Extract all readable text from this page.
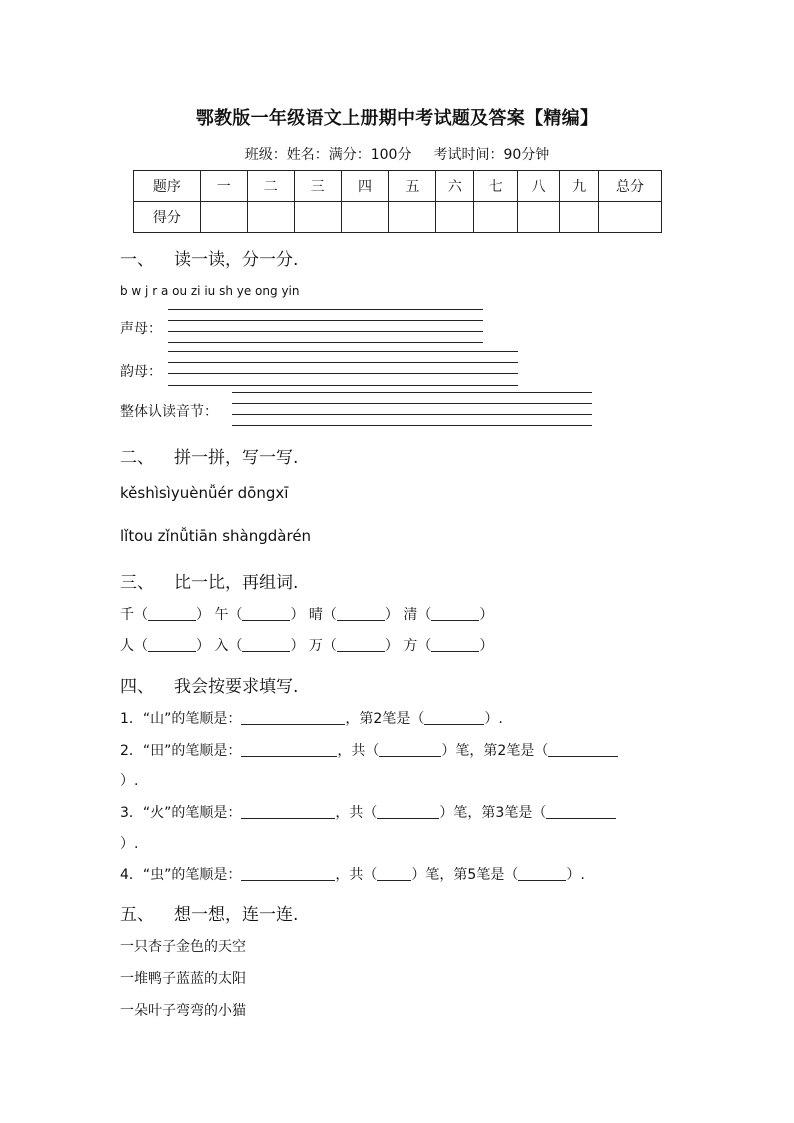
鄂教版一年级语文上册期中考试题及答案【精编】
班级：姓名：满分：100分 考试时间：90分钟
题序	一	二	三	四	五	六	七	八	九	总分
得分										
一、 读一读，分一分.
b w j r a ou zi iu sh ye ong yin
声母：
韵母：
整体认读音节：
二、 拼一拼，写一写.
kěshìsìyuènǚér dōngxī
lǐtou zǐnǚtiān shàngdàrén
三、 比一比，再组词.
千（	） 午（	） 晴（	） 清（	）
人（	） 入（	） 万（	） 方（	）
四、 我会按要求填写.
1．“山”的笔顺是：	，第2笔是（	）.
2．“田”的笔顺是：	，共（	）笔，第2笔是（
）.
3．“火”的笔顺是：	，共（	）笔，第3笔是（
）.
4．“虫”的笔顺是：	，共（ ）笔，第5笔是（	）.
五、 想一想，连一连.
一只杏子金色的天空
一堆鸭子蓝蓝的太阳
一朵叶子弯弯的小猫
